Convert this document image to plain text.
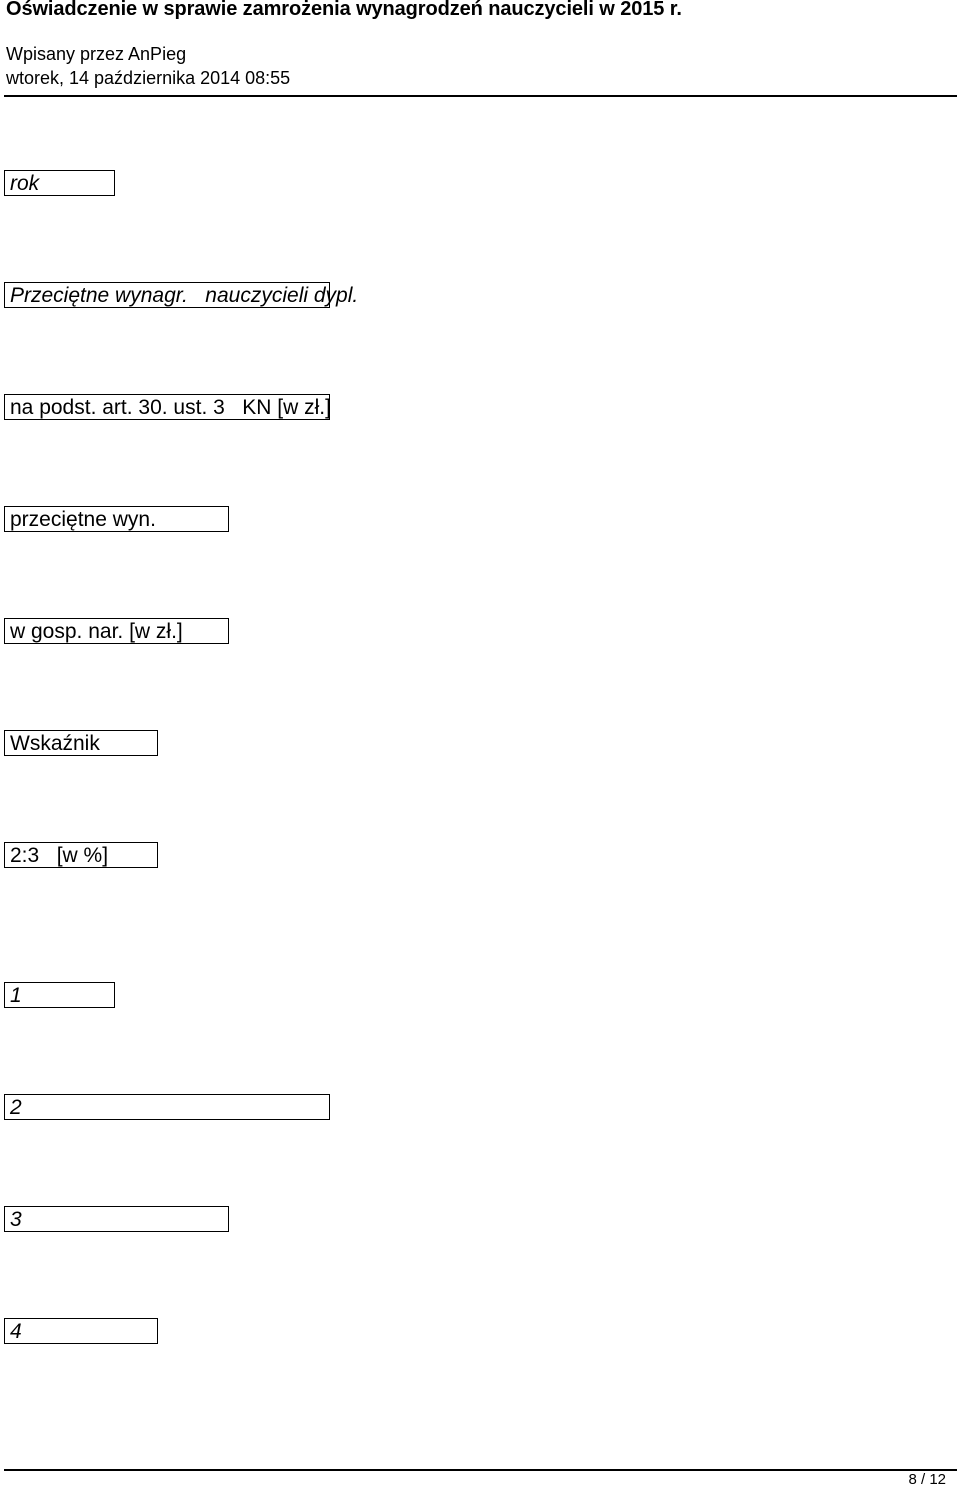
Oświadczenie w sprawie zamrożenia wynagrodzeń nauczycieli w 2015 r.
Wpisany przez AnPieg
wtorek, 14 października 2014 08:55
rok
Przeciętne wynagr.   nauczycieli dypl.
na podst. art. 30. ust. 3   KN [w zł.]
przeciętne wyn.
w gosp. nar. [w zł.]
Wskaźnik
2:3   [w %]
1
2
3
4
8 / 12
